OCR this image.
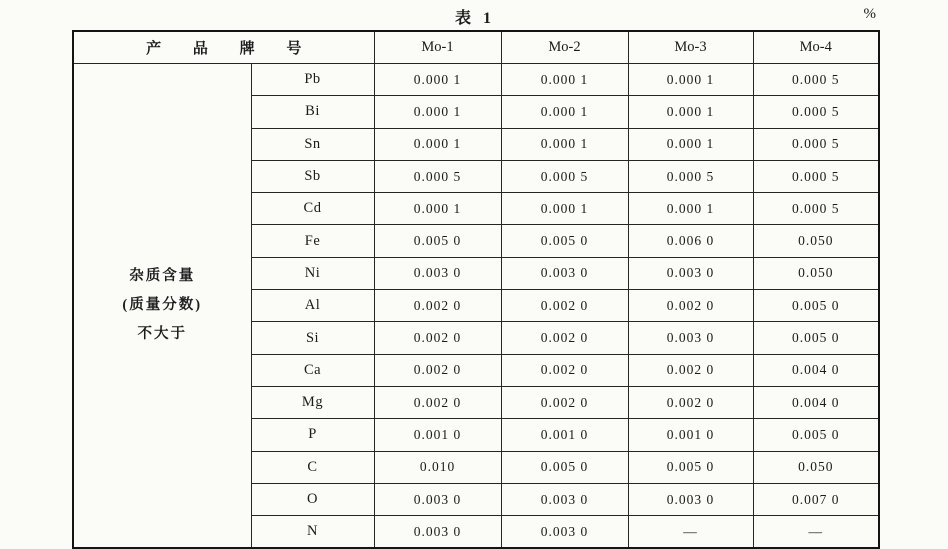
表 1	%
产 品 牌 号		Mo-1	Mo-2	Mo-3	Mo-4

杂质含量
(质量分数)
不大于	Pb	0.000 1	0.000 1	0.000 1	0.000 5
	Bi	0.000 1	0.000 1	0.000 1	0.000 5
	Sn	0.000 1	0.000 1	0.000 1	0.000 5
	Sb	0.000 5	0.000 5	0.000 5	0.000 5
	Cd	0.000 1	0.000 1	0.000 1	0.000 5
	Fe	0.005 0	0.005 0	0.006 0	0.050
	Ni	0.003 0	0.003 0	0.003 0	0.050
	Al	0.002 0	0.002 0	0.002 0	0.005 0
	Si	0.002 0	0.002 0	0.003 0	0.005 0
	Ca	0.002 0	0.002 0	0.002 0	0.004 0
	Mg	0.002 0	0.002 0	0.002 0	0.004 0
	P	0.001 0	0.001 0	0.001 0	0.005 0
	C	0.010	0.005 0	0.005 0	0.050
	O	0.003 0	0.003 0	0.003 0	0.007 0
	N	0.003 0	0.003 0	—	—
